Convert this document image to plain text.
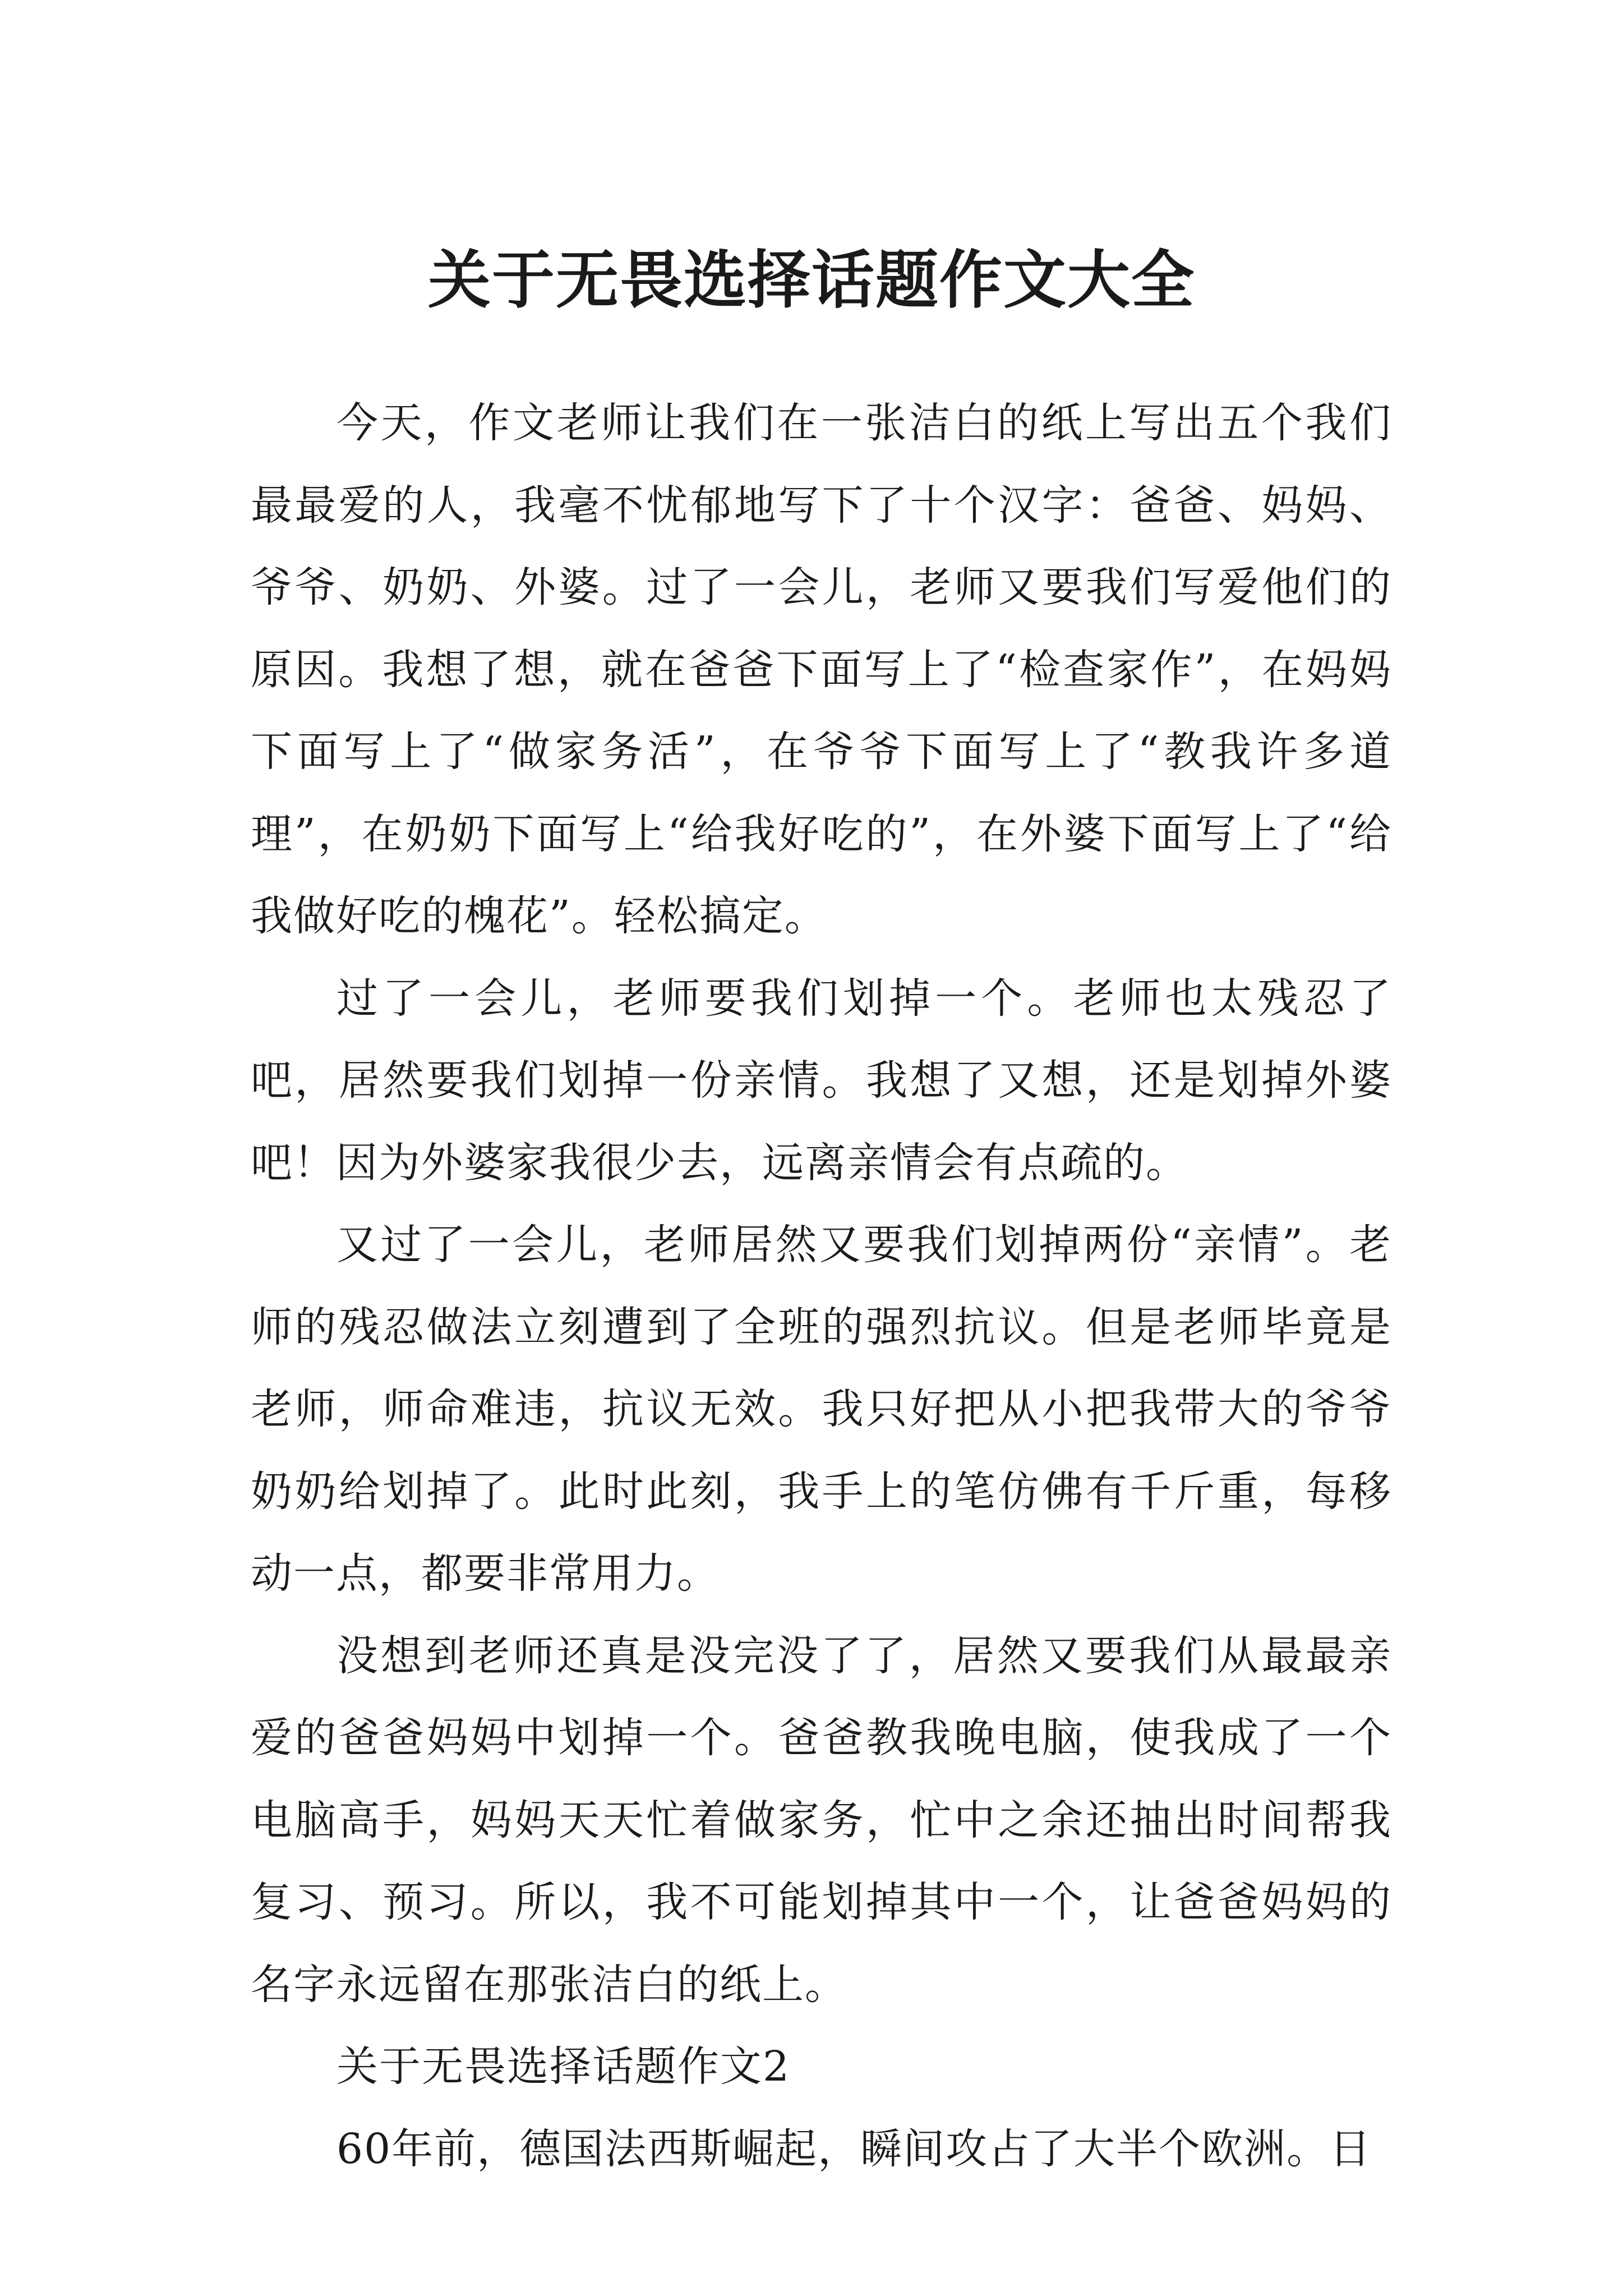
关于无畏选择话题作文大全

今天，作文老师让我们在一张洁白的纸上写出五个我们最最爱的人，我毫不忧郁地写下了十个汉字：爸爸、妈妈、爷爷、奶奶、外婆。过了一会儿，老师又要我们写爱他们的原因。我想了想，就在爸爸下面写上了“检查家作”，在妈妈下面写上了“做家务活”，在爷爷下面写上了“教我许多道理”，在奶奶下面写上“给我好吃的”，在外婆下面写上了“给我做好吃的槐花”。轻松搞定。

过了一会儿，老师要我们划掉一个。老师也太残忍了吧，居然要我们划掉一份亲情。我想了又想，还是划掉外婆吧！因为外婆家我很少去，远离亲情会有点疏的。

又过了一会儿，老师居然又要我们划掉两份“亲情”。老师的残忍做法立刻遭到了全班的强烈抗议。但是老师毕竟是老师，师命难违，抗议无效。我只好把从小把我带大的爷爷奶奶给划掉了。此时此刻，我手上的笔仿佛有千斤重，每移动一点，都要非常用力。

没想到老师还真是没完没了了，居然又要我们从最最亲爱的爸爸妈妈中划掉一个。爸爸教我晚电脑，使我成了一个电脑高手，妈妈天天忙着做家务，忙中之余还抽出时间帮我复习、预习。所以，我不可能划掉其中一个，让爸爸妈妈的名字永远留在那张洁白的纸上。

关于无畏选择话题作文2

60年前，德国法西斯崛起，瞬间攻占了大半个欧洲。日
